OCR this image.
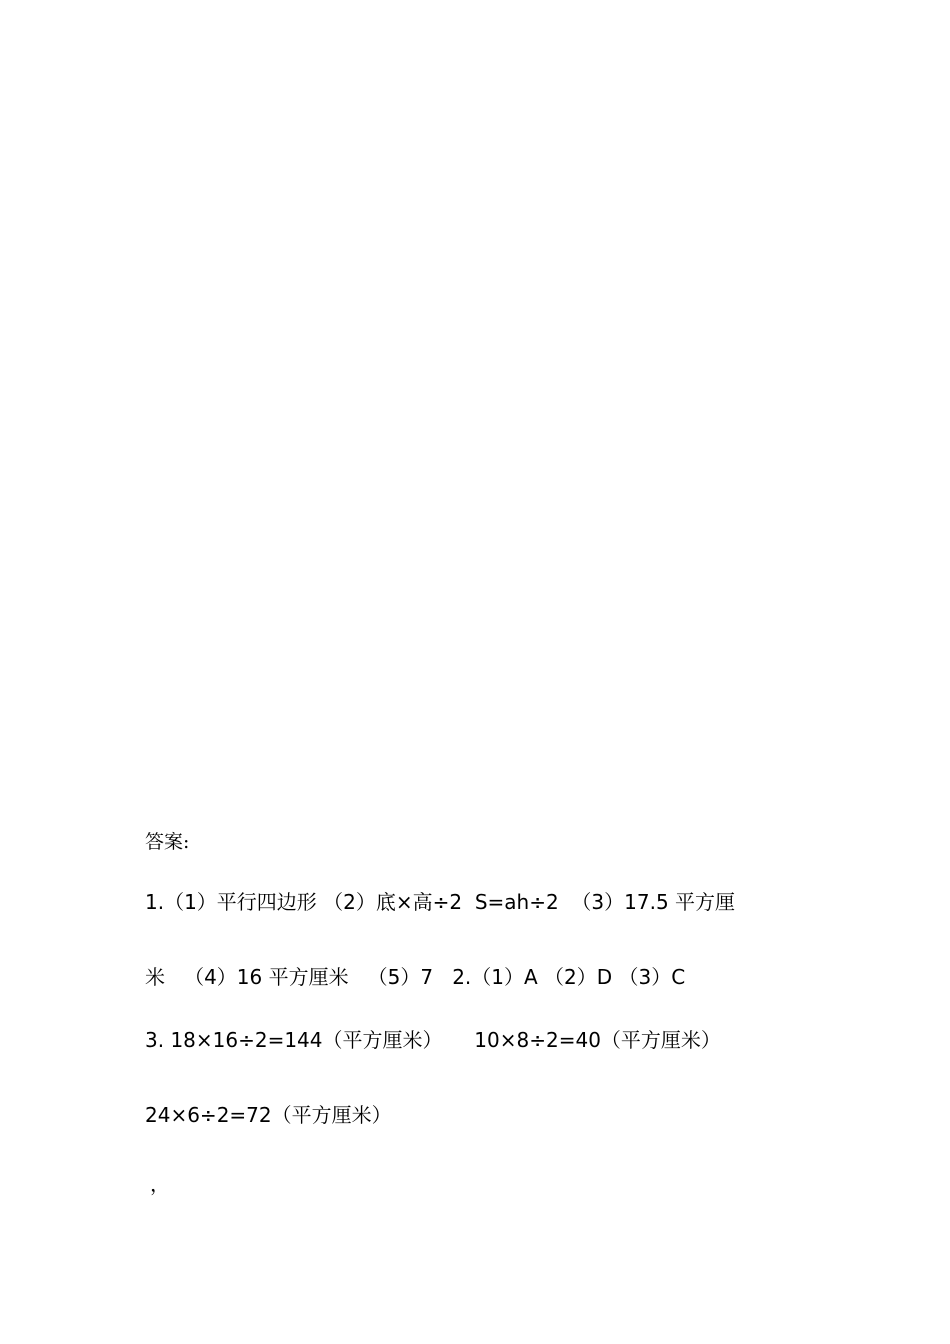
答案:
1.（1）平行四边形 （2）底×高÷2  S=ah÷2  （3）17.5 平方厘
米   （4）16 平方厘米   （5）7   2.（1）A （2）D （3）C
3. 18×16÷2=144（平方厘米）     10×8÷2=40（平方厘米）
24×6÷2=72（平方厘米）
，
